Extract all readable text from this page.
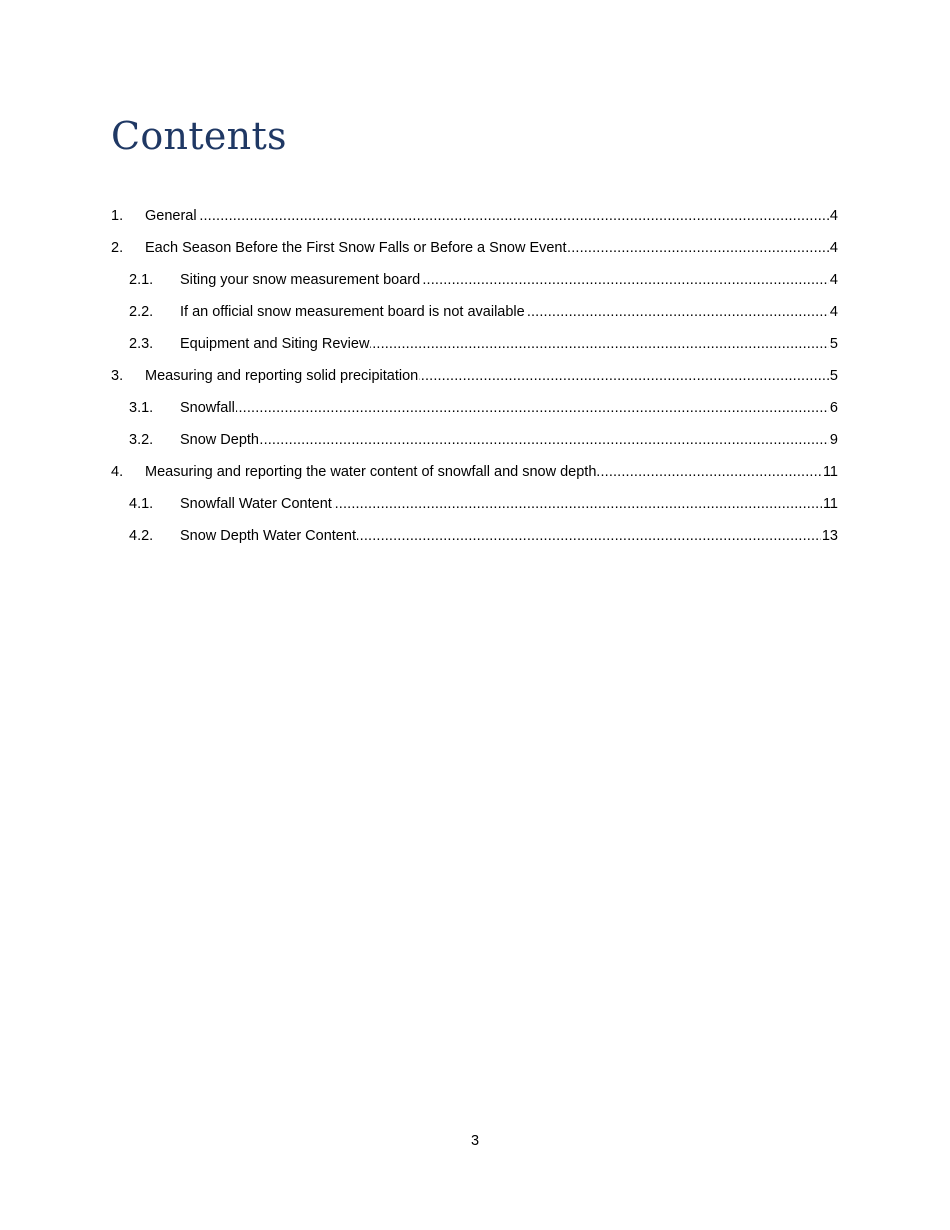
Contents
1.	General	4
.....
2.	Each Season Before the First Snow Falls or Before a Snow Event	4
.....
2.1.	Siting your snow measurement board	4
.....
2.2.	If an official snow measurement board is not available	4
.....
2.3.	Equipment and Siting Review	5
.....
3.	Measuring and reporting solid precipitation	5
.....
3.1.	Snowfall	6
.....
3.2.	Snow Depth	9
.....
4.	Measuring and reporting the water content of snowfall and snow depth	11
.....
4.1.	Snowfall Water Content	11
.....
4.2.	Snow Depth Water Content	13
.....
3
